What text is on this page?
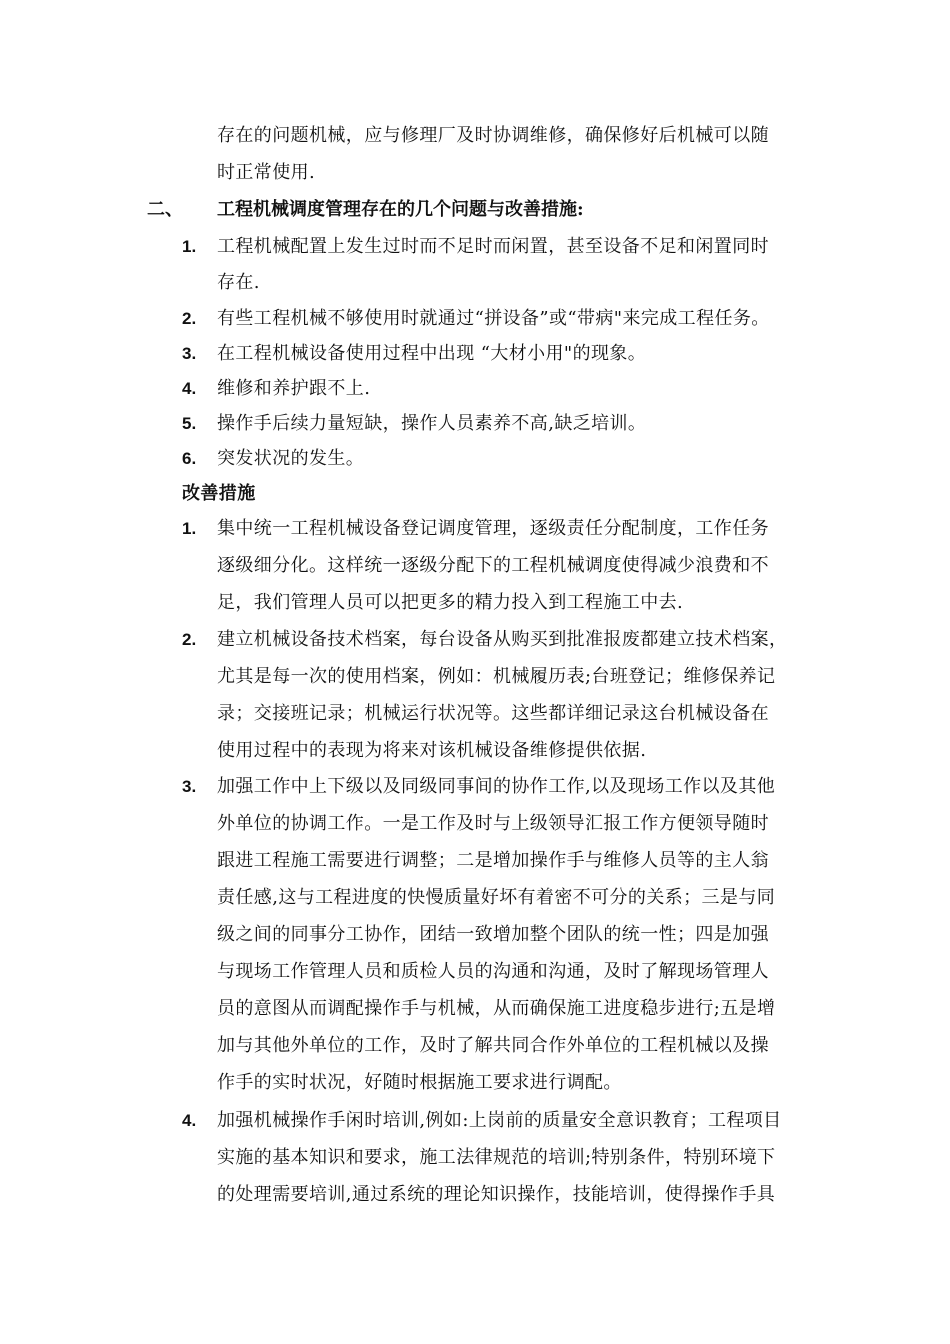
存在的问题机械，应与修理厂及时协调维修，确保修好后机械可以随
时正常使用.
二、 工程机械调度管理存在的几个问题与改善措施:
1. 工程机械配置上发生过时而不足时而闲置，甚至设备不足和闲置同时
存在.
2. 有些工程机械不够使用时就通过“拼设备”或“带病"来完成工程任务。
3. 在工程机械设备使用过程中出现 “大材小用"的现象。
4. 维修和养护跟不上.
5. 操作手后续力量短缺，操作人员素养不高,缺乏培训。
6. 突发状况的发生。
改善措施
1. 集中统一工程机械设备登记调度管理，逐级责任分配制度，工作任务
逐级细分化。这样统一逐级分配下的工程机械调度使得减少浪费和不
足，我们管理人员可以把更多的精力投入到工程施工中去.
2. 建立机械设备技术档案，每台设备从购买到批准报废都建立技术档案，
尤其是每一次的使用档案，例如：机械履历表;台班登记；维修保养记
录；交接班记录；机械运行状况等。这些都详细记录这台机械设备在
使用过程中的表现为将来对该机械设备维修提供依据.
3. 加强工作中上下级以及同级同事间的协作工作,以及现场工作以及其他
外单位的协调工作。一是工作及时与上级领导汇报工作方便领导随时
跟进工程施工需要进行调整；二是增加操作手与维修人员等的主人翁
责任感,这与工程进度的快慢质量好坏有着密不可分的关系；三是与同
级之间的同事分工协作，团结一致增加整个团队的统一性；四是加强
与现场工作管理人员和质检人员的沟通和沟通，及时了解现场管理人
员的意图从而调配操作手与机械，从而确保施工进度稳步进行;五是增
加与其他外单位的工作，及时了解共同合作外单位的工程机械以及操
作手的实时状况，好随时根据施工要求进行调配。
4. 加强机械操作手闲时培训,例如:上岗前的质量安全意识教育；工程项目
实施的基本知识和要求，施工法律规范的培训;特别条件，特别环境下
的处理需要培训,通过系统的理论知识操作，技能培训，使得操作手具
